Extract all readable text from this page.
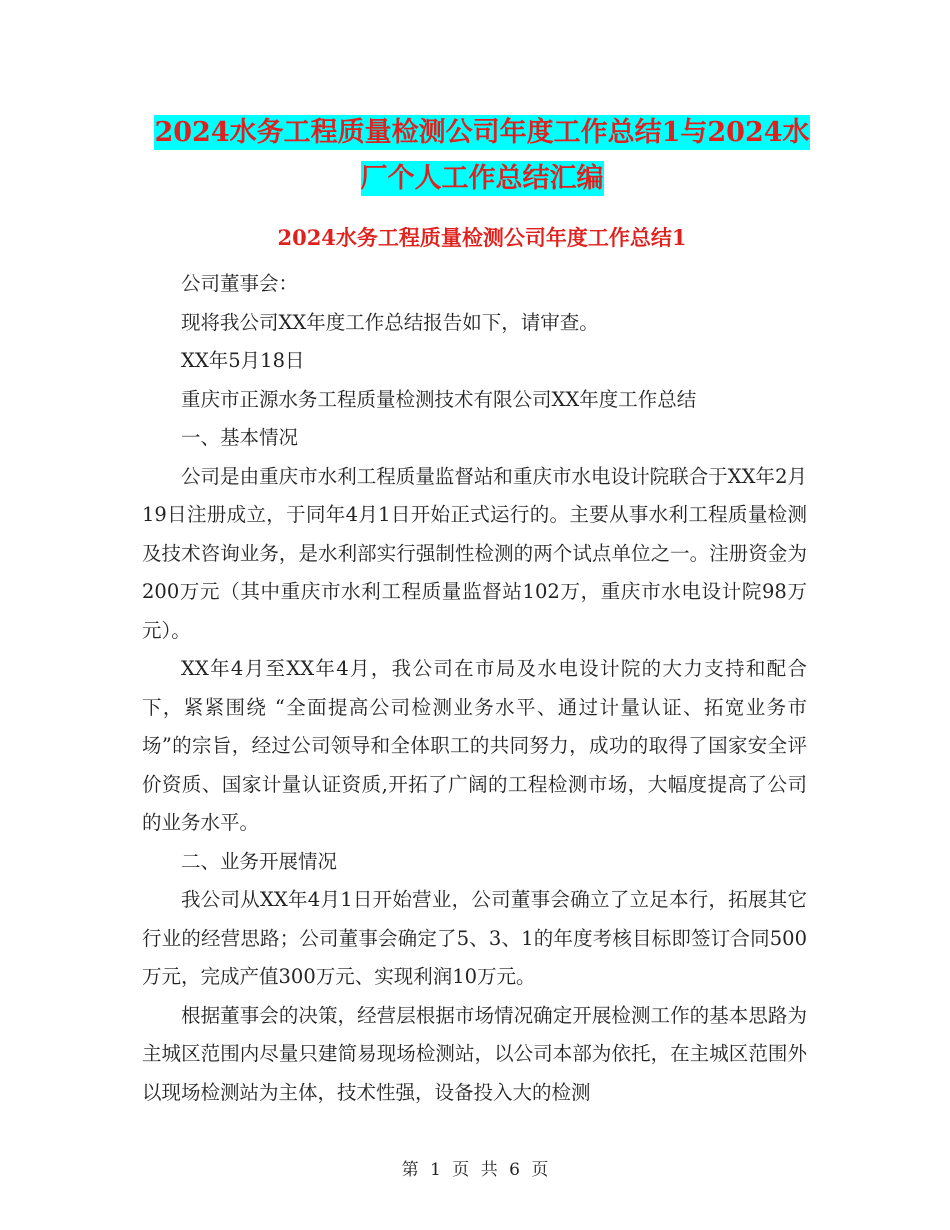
2024水务工程质量检测公司年度工作总结1与2024水
厂个人工作总结汇编
2024水务工程质量检测公司年度工作总结1

公司董事会：

现将我公司XX年度工作总结报告如下，请审查。

XX年5月18日

重庆市正源水务工程质量检测技术有限公司XX年度工作总结

一、基本情况

公司是由重庆市水利工程质量监督站和重庆市水电设计院联合于XX年2月19日注册成立，于同年4月1日开始正式运行的。主要从事水利工程质量检测及技术咨询业务，是水利部实行强制性检测的两个试点单位之一。注册资金为200万元（其中重庆市水利工程质量监督站102万，重庆市水电设计院98万元）。

XX年4月至XX年4月，我公司在市局及水电设计院的大力支持和配合下，紧紧围绕 “全面提高公司检测业务水平、通过计量认证、拓宽业务市场”的宗旨，经过公司领导和全体职工的共同努力，成功的取得了国家安全评价资质、国家计量认证资质,开拓了广阔的工程检测市场，大幅度提高了公司的业务水平。

二、业务开展情况

我公司从XX年4月1日开始营业，公司董事会确立了立足本行，拓展其它行业的经营思路；公司董事会确定了5、3、1的年度考核目标即签订合同500万元，完成产值300万元、实现利润10万元。

根据董事会的决策，经营层根据市场情况确定开展检测工作的基本思路为主城区范围内尽量只建简易现场检测站，以公司本部为依托，在主城区范围外以现场检测站为主体，技术性强，设备投入大的检测

第 1 页 共 6 页
